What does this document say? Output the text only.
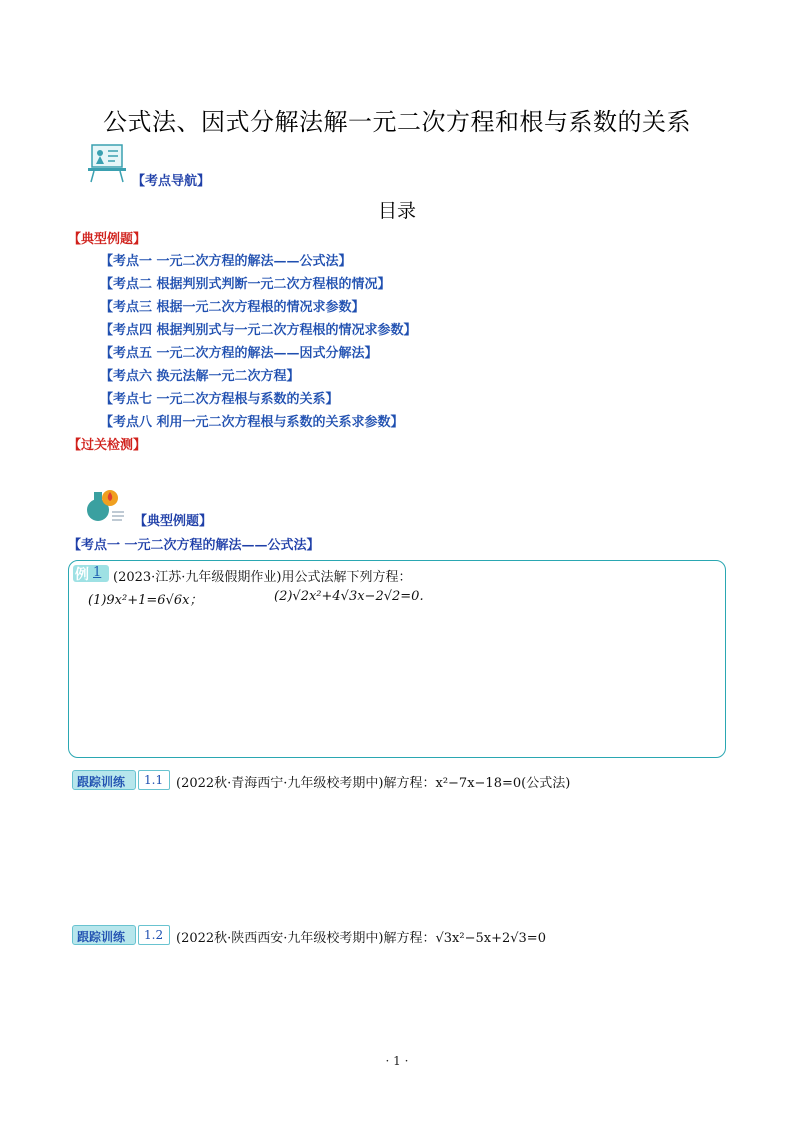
公式法、因式分解法解一元二次方程和根与系数的关系
【考点导航】
目录
【典型例题】
【考点一 一元二次方程的解法——公式法】
【考点二 根据判别式判断一元二次方程根的情况】
【考点三 根据一元二次方程根的情况求参数】
【考点四 根据判别式与一元二次方程根的情况求参数】
【考点五 一元二次方程的解法——因式分解法】
【考点六 换元法解一元二次方程】
【考点七 一元二次方程根与系数的关系】
【考点八 利用一元二次方程根与系数的关系求参数】
【过关检测】
【典型例题】
【考点一 一元二次方程的解法——公式法】
例 1 (2023·江苏·九年级假期作业)用公式法解下列方程：
(1)9x²+1=6√6x；	(2)√2x²+4√3x−2√2=0.
跟踪训练 1.1 (2022秋·青海西宁·九年级校考期中)解方程：x²−7x−18=0(公式法)
跟踪训练 1.2 (2022秋·陕西西安·九年级校考期中)解方程：√3x²−5x+2√3=0
· 1 ·
